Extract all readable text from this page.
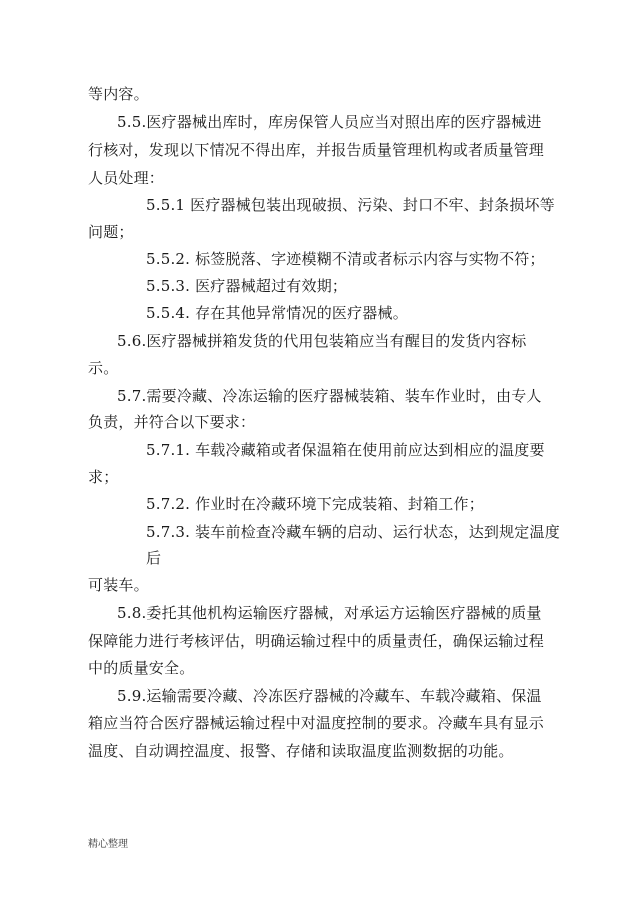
等内容。

5.5.医疗器械出库时，库房保管人员应当对照出库的医疗器械进

行核对，发现以下情况不得出库，并报告质量管理机构或者质量管理

人员处理：

5.5.1 医疗器械包装出现破损、污染、封口不牢、封条损坏等

问题；

5.5.2. 标签脱落、字迹模糊不清或者标示内容与实物不符；

5.5.3. 医疗器械超过有效期；

5.5.4. 存在其他异常情况的医疗器械。

5.6.医疗器械拼箱发货的代用包装箱应当有醒目的发货内容标

示。

5.7.需要冷藏、冷冻运输的医疗器械装箱、装车作业时，由专人

负责，并符合以下要求：

5.7.1. 车载冷藏箱或者保温箱在使用前应达到相应的温度要

求；

5.7.2. 作业时在冷藏环境下完成装箱、封箱工作；

5.7.3. 装车前检查冷藏车辆的启动、运行状态，达到规定温度

后

可装车。

5.8.委托其他机构运输医疗器械，对承运方运输医疗器械的质量

保障能力进行考核评估，明确运输过程中的质量责任，确保运输过程

中的质量安全。

5.9.运输需要冷藏、冷冻医疗器械的冷藏车、车载冷藏箱、保温

箱应当符合医疗器械运输过程中对温度控制的要求。冷藏车具有显示

温度、自动调控温度、报警、存储和读取温度监测数据的功能。

精心整理
